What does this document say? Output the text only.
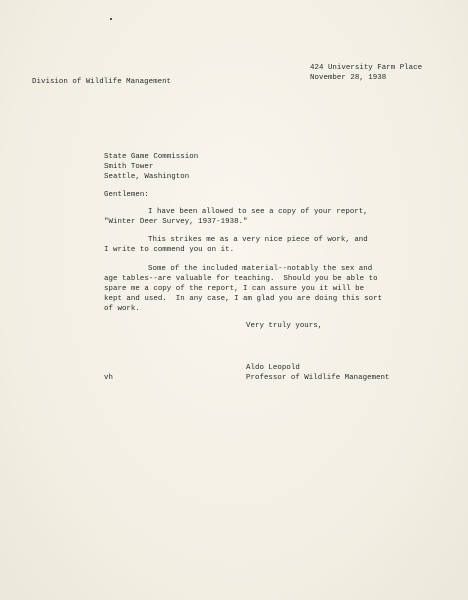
Division of Wildlife Management
424 University Farm Place
November 28, 1938
State Game Commission
Smith Tower
Seattle, Washington
Gentlemen:
I have been allowed to see a copy of your report,
"Winter Deer Survey, 1937-1938."
This strikes me as a very nice piece of work, and
I write to commend you on it.
Some of the included material--notably the sex and
age tables--are valuable for teaching.  Should you be able to
spare me a copy of the report, I can assure you it will be
kept and used.  In any case, I am glad you are doing this sort
of work.
Very truly yours,
Aldo Leopold
Professor of Wildlife Management
vh
